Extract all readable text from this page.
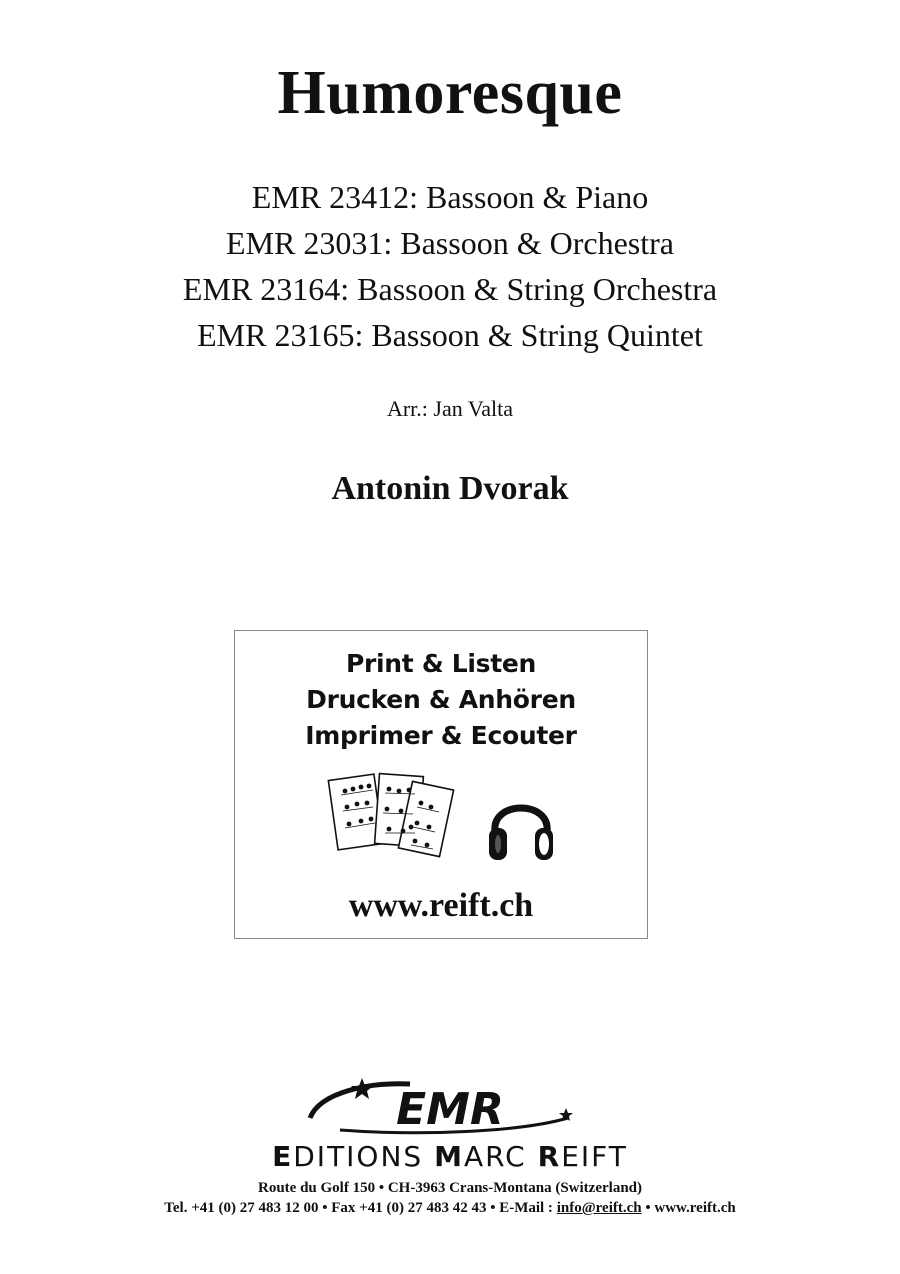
Humoresque
EMR 23412: Bassoon & Piano
EMR 23031: Bassoon & Orchestra
EMR 23164: Bassoon & String Orchestra
EMR 23165: Bassoon & String Quintet
Arr.: Jan Valta
Antonin Dvorak
Print & Listen
Drucken & Anhören
Imprimer & Ecouter
www.reift.ch
EMR
EDITIONS MARC REIFT
Route du Golf 150 • CH-3963 Crans-Montana (Switzerland)
Tel. +41 (0) 27 483 12 00 • Fax +41 (0) 27 483 42 43 • E-Mail : info@reift.ch • www.reift.ch
